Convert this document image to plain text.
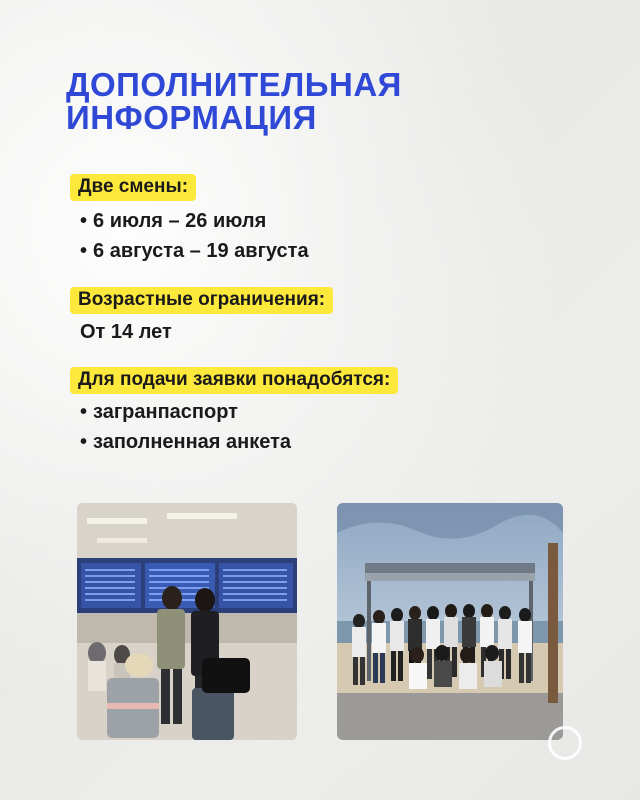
ДОПОЛНИТЕЛЬНАЯ
ИНФОРМАЦИЯ
Две смены:
• 6 июля – 26 июля
• 6 августа – 19 августа
Возрастные ограничения:
От 14 лет
Для подачи заявки понадобятся:
• загранпаспорт
• заполненная анкета
